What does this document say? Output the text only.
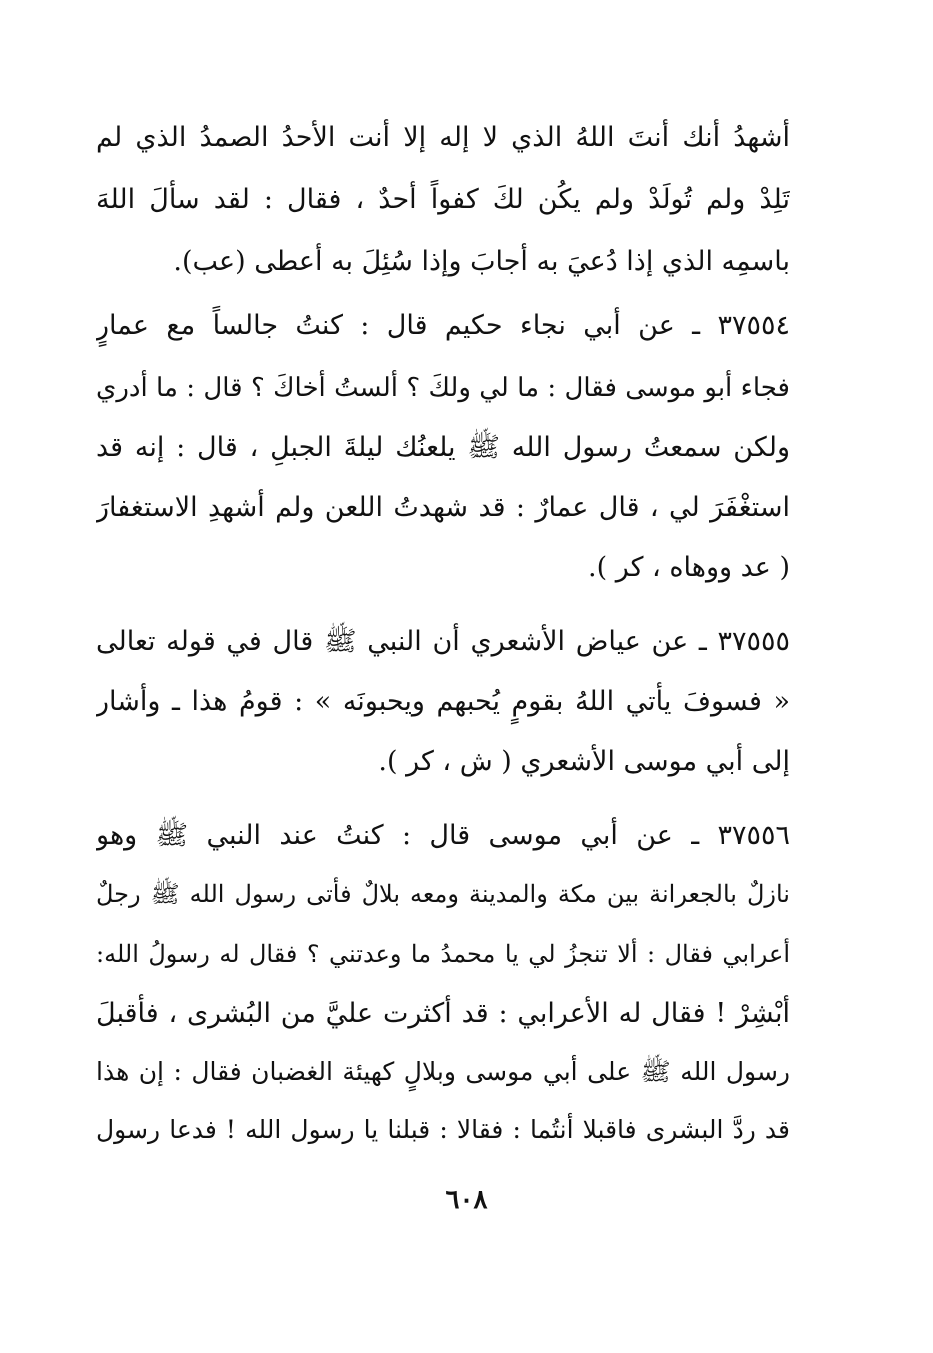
أشهدُ أنك أنتَ اللهُ الذي لا إله إلا أنت الأحدُ الصمدُ الذي لم
تَلِدْ ولم تُولَدْ ولم يكُن لكَ كفواً أحدٌ ، فقال : لقد سألَ اللهَ
باسمِه الذي إذا دُعيَ به أجابَ وإذا سُئِلَ به أعطى (عب).
٣٧٥٥٤ ـ عن أبي نجاء حكيم قال : كنتُ جالساً مع عمارٍ
فجاء أبو موسى فقال : ما لي ولكَ ؟ ألستُ أخاكَ ؟ قال : ما أدري
ولكن سمعتُ رسول الله ﷺ يلعنُك ليلةَ الجبلِ ، قال : إنه قد
استغْفَرَ لي ، قال عمارٌ : قد شهدتُ اللعن ولم أشهدِ الاستغفارَ
( عد ووهاه ، كر ).
٣٧٥٥٥ ـ عن عياض الأشعري أن النبي ﷺ قال في قوله تعالى
« فسوفَ يأتي اللهُ بقومٍ يُحبهم ويحبونَه » : قومُ هذا ـ وأشار
إلى أبي موسى الأشعري ( ش ، كر ).
٣٧٥٥٦ ـ عن أبي موسى قال : كنتُ عند النبي ﷺ وهو
نازلٌ بالجعرانة بين مكة والمدينة ومعه بلالٌ فأتى رسول الله ﷺ رجلٌ
أعرابي فقال : ألا تنجزُ لي يا محمدُ ما وعدتني ؟ فقال له رسولُ الله:
أبْشِرْ ! فقال له الأعرابي : قد أكثرت عليَّ من البُشرى ، فأقبلَ
رسول الله ﷺ على أبي موسى وبلالٍ كهيئة الغضبان فقال : إن هذا
قد ردَّ البشرى فاقبلا أنتُما : فقالا : قبلنا يا رسول الله ! فدعا رسول
٦٠٨
